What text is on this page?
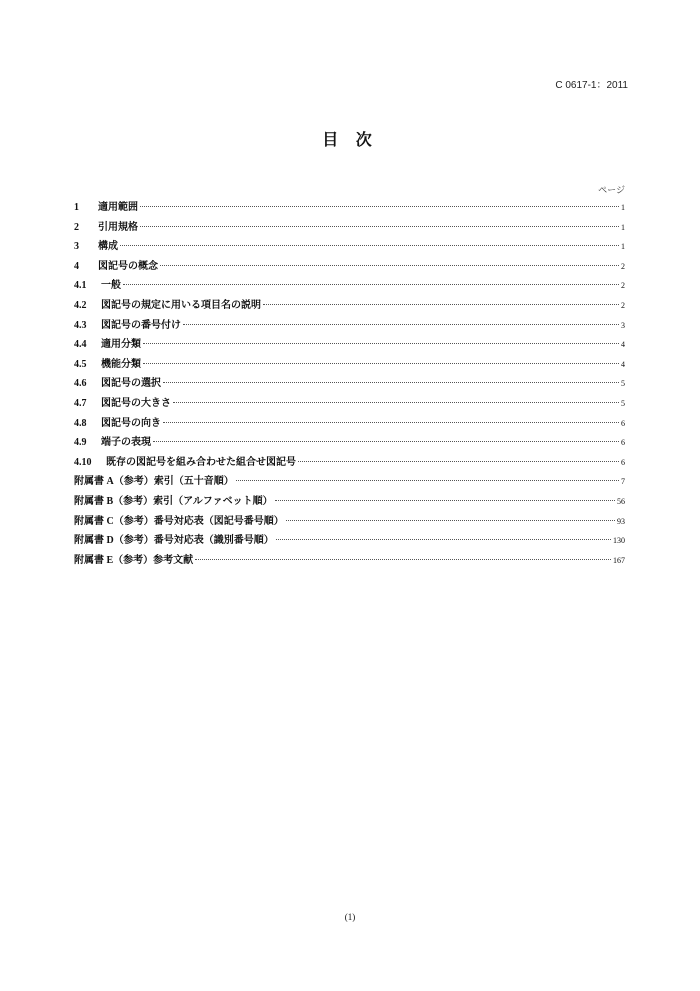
C 0617-1：2011
目 次
ページ
1	適用範囲	1
2	引用規格	1
3	構成	1
4	図記号の概念	2
4.1	一般	2
4.2	図記号の規定に用いる項目名の説明	2
4.3	図記号の番号付け	3
4.4	適用分類	4
4.5	機能分類	4
4.6	図記号の選択	5
4.7	図記号の大きさ	5
4.8	図記号の向き	6
4.9	端子の表現	6
4.10	既存の図記号を組み合わせた組合せ図記号	6
附属書 A （参考）索引（五十音順）	7
附属書 B （参考）索引（アルファベット順）	56
附属書 C （参考）番号対応表（図記号番号順）	93
附属書 D （参考）番号対応表（識別番号順）	130
附属書 E （参考）参考文献	167
(1)
